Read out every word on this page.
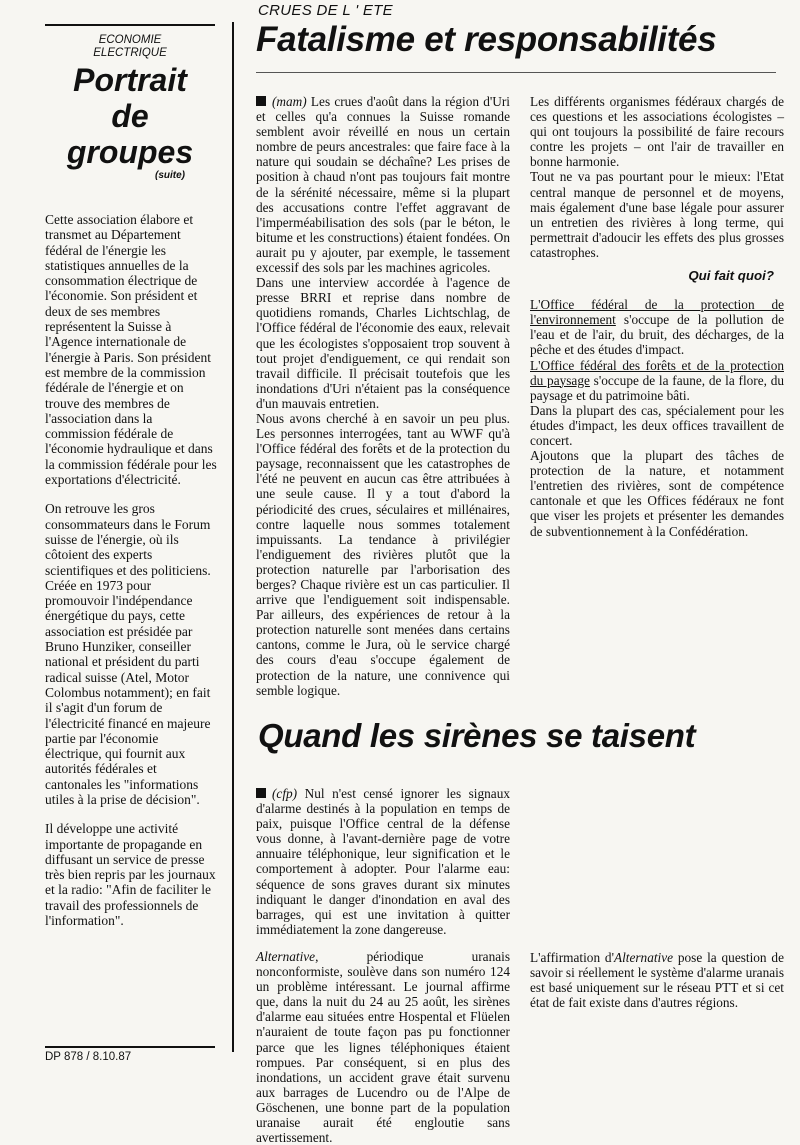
ECONOMIE
ELECTRIQUE
Portrait
de
groupes
(suite)

Cette association élabore et transmet au Département fédéral de l'énergie les statistiques annuelles de la consommation électrique de l'économie. Son président et deux de ses membres représentent la Suisse à l'Agence internationale de l'énergie à Paris. Son président est membre de la commission fédérale de l'énergie et on trouve des membres de l'association dans la commission fédérale de l'économie hydraulique et dans la commission fédérale pour les exportations d'électricité.

On retrouve les gros consommateurs dans le Forum suisse de l'énergie, où ils côtoient des experts scientifiques et des politiciens. Créée en 1973 pour promouvoir l'indépendance énergétique du pays, cette association est présidée par Bruno Hunziker, conseiller national et président du parti radical suisse (Atel, Motor Colombus notamment); en fait il s'agit d'un forum de l'électricité financé en majeure partie par l'économie électrique, qui fournit aux autorités fédérales et cantonales les "informations utiles à la prise de décision".

Il développe une activité importante de propagande en diffusant un service de presse très bien repris par les journaux et la radio: "Afin de faciliter le travail des professionnels de l'information".

DP 878 / 8.10.87
CRUES DE L ' ETE
Fatalisme et responsabilités

(mam) Les crues d'août dans la région d'Uri et celles qu'a connues la Suisse romande semblent avoir réveillé en nous un certain nombre de peurs ancestrales: que faire face à la nature qui soudain se déchaîne? Les prises de position à chaud n'ont pas toujours fait montre de la sérénité nécessaire, même si la plupart des accusations contre l'effet aggravant de l'imperméabilisation des sols (par le béton, le bitume et les constructions) étaient fondées. On aurait pu y ajouter, par exemple, le tassement excessif des sols par les machines agricoles.

Dans une interview accordée à l'agence de presse BRRI et reprise dans nombre de quotidiens romands, Charles Lichtschlag, de l'Office fédéral de l'économie des eaux, relevait que les écologistes s'opposaient trop souvent à tout projet d'endiguement, ce qui rendait son travail difficile. Il précisait toutefois que les inondations d'Uri n'étaient pas la conséquence d'un mauvais entretien.

Nous avons cherché à en savoir un peu plus. Les personnes interrogées, tant au WWF qu'à l'Office fédéral des forêts et de la protection du paysage, reconnaissent que les catastrophes de l'été ne peuvent en aucun cas être attribuées à une seule cause. Il y a tout d'abord la périodicité des crues, séculaires et millénaires, contre laquelle nous sommes totalement impuissants. La tendance à privilégier l'endiguement des rivières plutôt que la protection naturelle par l'arborisation des berges? Chaque rivière est un cas particulier. Il arrive que l'endiguement soit indispensable. Par ailleurs, des expériences de retour à la protection naturelle sont menées dans certains cantons, comme le Jura, où le service chargé des cours d'eau s'occupe également de protection de la nature, une connivence qui semble logique.

Les différents organismes fédéraux chargés de ces questions et les associations écologistes – qui ont toujours la possibilité de faire recours contre les projets – ont l'air de travailler en bonne harmonie.

Tout ne va pas pourtant pour le mieux: l'Etat central manque de personnel et de moyens, mais également d'une base légale pour assurer un entretien des rivières à long terme, qui permettrait d'adoucir les effets des plus grosses catastrophes.

Qui fait quoi?

L'Office fédéral de la protection de l'environnement s'occupe de la pollution de l'eau et de l'air, du bruit, des décharges, de la pêche et des études d'impact.

L'Office fédéral des forêts et de la protection du paysage s'occupe de la faune, de la flore, du paysage et du patrimoine bâti.

Dans la plupart des cas, spécialement pour les études d'impact, les deux offices travaillent de concert.

Ajoutons que la plupart des tâches de protection de la nature, et notamment l'entretien des rivières, sont de compétence cantonale et que les Offices fédéraux ne font que viser les projets et présenter les demandes de subventionnement à la Confédération.

Quand les sirènes se taisent

(cfp) Nul n'est censé ignorer les signaux d'alarme destinés à la population en temps de paix, puisque l'Office central de la défense vous donne, à l'avant-dernière page de votre annuaire téléphonique, leur signification et le comportement à adopter. Pour l'alarme eau: séquence de sons graves durant six minutes indiquant le danger d'inondation en aval des barrages, qui est une invitation à quitter immédiatement la zone dangereuse.

Alternative, périodique uranais nonconformiste, soulève dans son numéro 124 un problème intéressant. Le journal affirme que, dans la nuit du 24 au 25 août, les sirènes d'alarme eau situées entre Hospental et Flüelen n'auraient de toute façon pas pu fonctionner parce que les lignes téléphoniques étaient rompues. Par conséquent, si en plus des inondations, un accident grave était survenu aux barrages de Lucendro ou de l'Alpe de Göschenen, une bonne part de la population uranaise aurait été engloutie sans avertissement.

L'affirmation d'Alternative pose la question de savoir si réellement le système d'alarme uranais est basé uniquement sur le réseau PTT et si cet état de fait existe dans d'autres régions.
